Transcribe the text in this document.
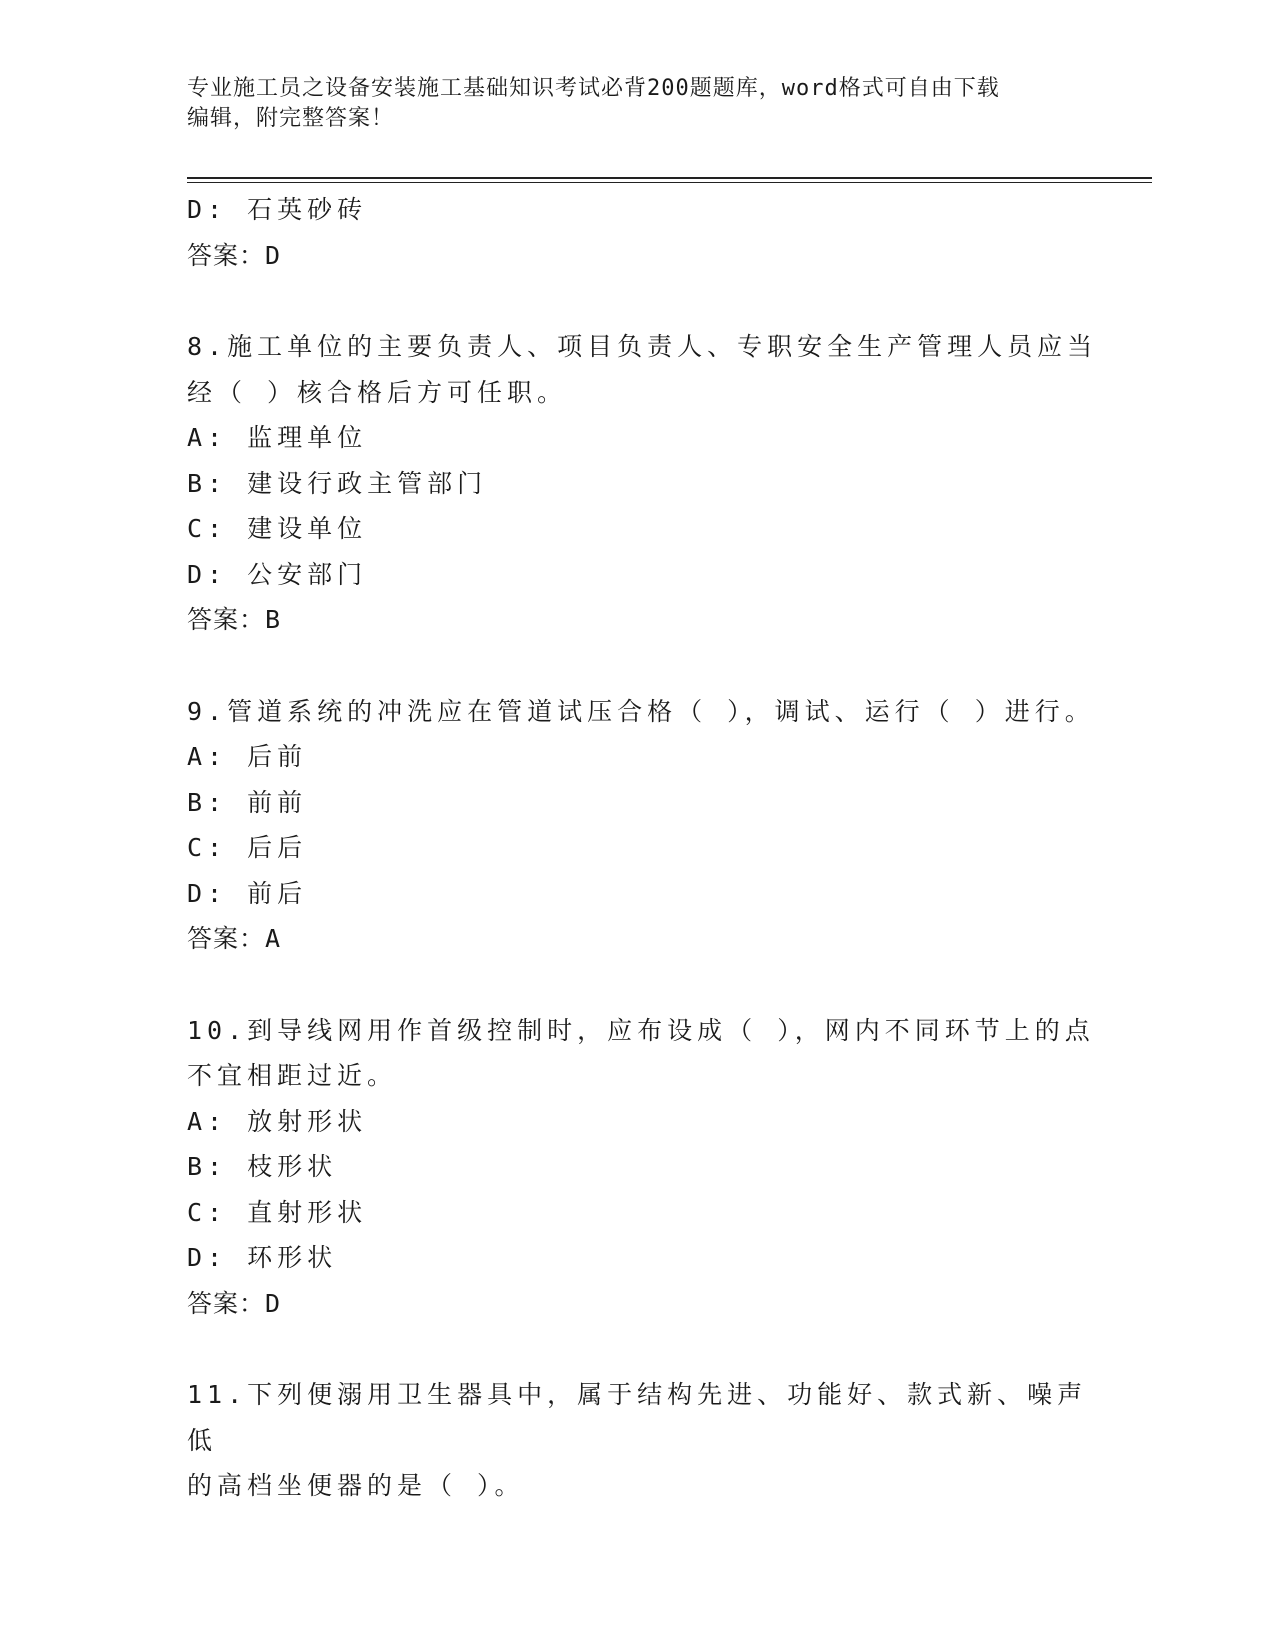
专业施工员之设备安装施工基础知识考试必背200题题库，word格式可自由下载
编辑，附完整答案！
D: 石英砂砖
答案：D
8.施工单位的主要负责人、项目负责人、专职安全生产管理人员应当
经（ ）核合格后方可任职。
A: 监理单位
B: 建设行政主管部门
C: 建设单位
D: 公安部门
答案：B
9.管道系统的冲洗应在管道试压合格（ ），调试、运行（ ）进行。
A: 后前
B: 前前
C: 后后
D: 前后
答案：A
10.到导线网用作首级控制时，应布设成（ ），网内不同环节上的点
不宜相距过近。
A: 放射形状
B: 枝形状
C: 直射形状
D: 环形状
答案：D
11.下列便溺用卫生器具中，属于结构先进、功能好、款式新、噪声低
的高档坐便器的是（ ）。
